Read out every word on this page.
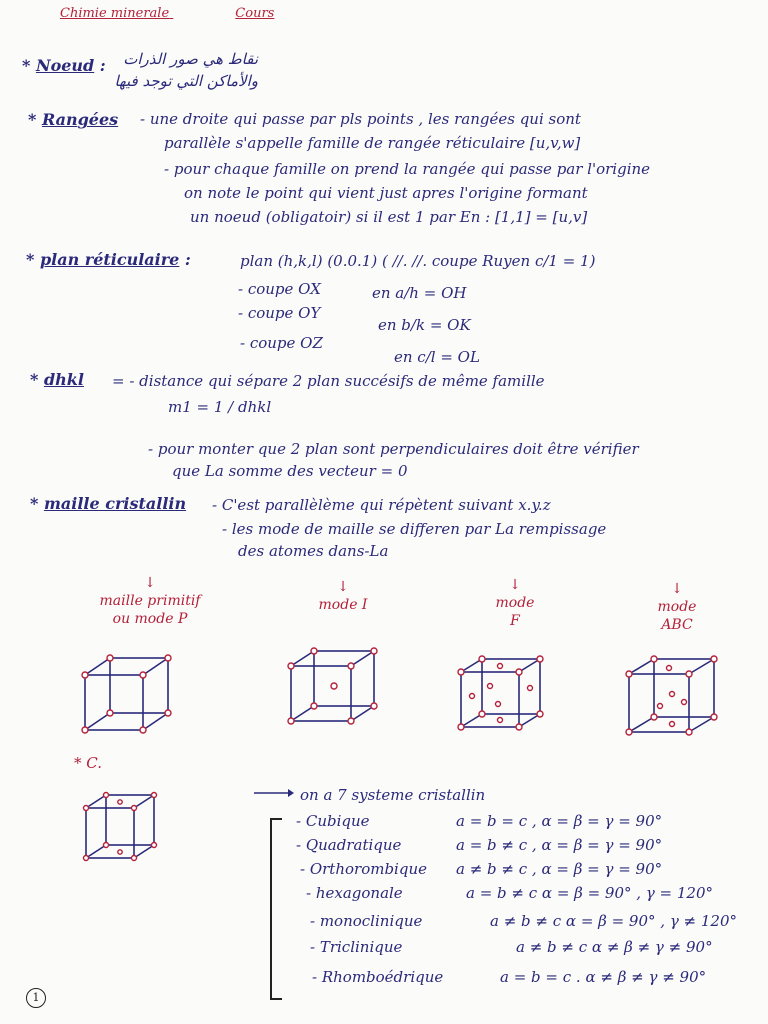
Chimie minerale	Cours
* Noeud :	نقاط هي صور الذرات
والأماكن التي توجد فيها
* Rangées - une droite qui passe par pls points , les rangées qui sont
parallèle s'appelle famille de rangée réticulaire [u,v,w]
- pour chaque famille on prend la rangée qui passe par l'origine
on note le point qui vient just apres l'origine formant
un noeud (obligatoir) si il est 1 par En : [1,1] = [u,v]
* plan réticulaire :	plan (h,k,l) (0.0.1) ( //. //. coupe Ruyen c/1 = 1)
- coupe OX	en a/h = OH
- coupe OY
en b/k = OK
- coupe OZ
en c/l = OL
* dhkl = - distance qui sépare 2 plan succésifs de même famille
m1 = 1 / dhkl
- pour monter que 2 plan sont perpendiculaires doit être vérifier
que La somme des vecteur = 0
* maille cristallin - C'est parallèlème qui répètent suivant x.y.z
- les mode de maille se differen par La rempissage
des atomes dans-La
↓
maille primitif ou mode P
↓
mode I
↓
mode F
↓
mode ABC
* C.
on a 7 systeme cristallin
- Cubique	a = b = c , α = β = γ = 90°
- Quadratique	a = b ≠ c , α = β = γ = 90°
- Orthorombique a ≠ b ≠ c , α = β = γ = 90°
- hexagonale	a = b ≠ c α = β = 90° , γ = 120°
- monoclinique	a ≠ b ≠ c α = β = 90° , γ ≠ 120°
- Triclinique	a ≠ b ≠ c α ≠ β ≠ γ ≠ 90°
- Rhomboédrique	a = b = c . α ≠ β ≠ γ ≠ 90°
1
